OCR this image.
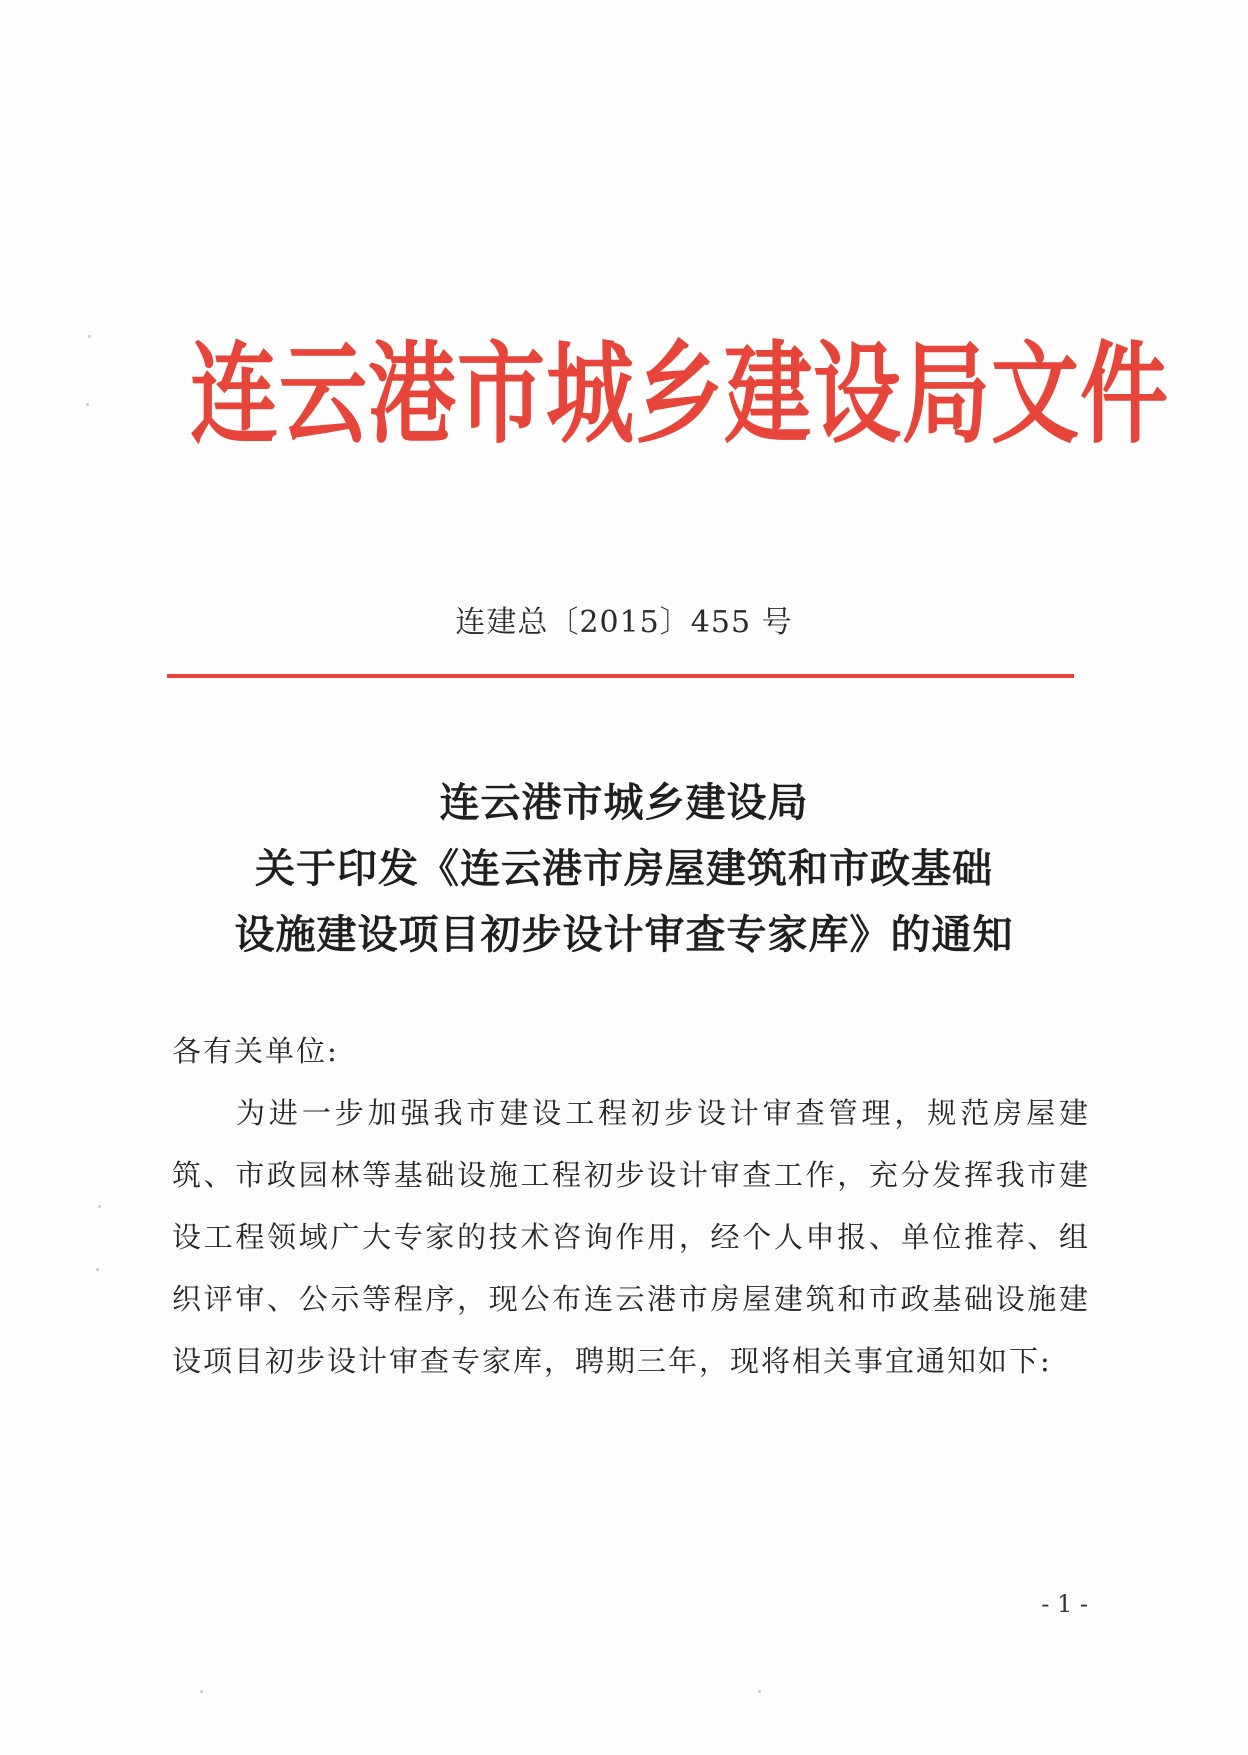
连云港市城乡建设局文件
连建总〔2015〕455 号
连云港市城乡建设局
关于印发《连云港市房屋建筑和市政基础
设施建设项目初步设计审查专家库》的通知
各有关单位:
为进一步加强我市建设工程初步设计审查管理，规范房屋建筑、市政园林等基础设施工程初步设计审查工作，充分发挥我市建设工程领域广大专家的技术咨询作用，经个人申报、单位推荐、组织评审、公示等程序，现公布连云港市房屋建筑和市政基础设施建设项目初步设计审查专家库，聘期三年，现将相关事宜通知如下:
- 1 -
